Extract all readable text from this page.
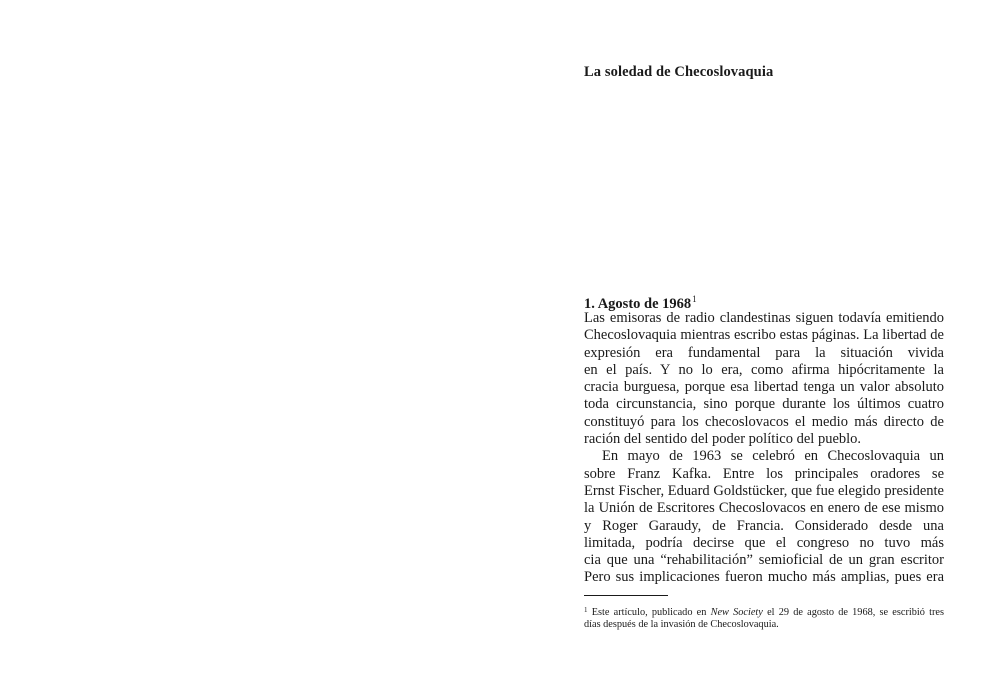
La soledad de Checoslovaquia
1. Agosto de 1968$^1$
Las emisoras de radio clandestinas siguen todavía emitiendo
Checoslovaquia mientras escribo estas páginas. La libertad de
expresión era fundamental para la situación vivida
en el país. Y no lo era, como afirma hipócritamente la
cracia burguesa, porque esa libertad tenga un valor absoluto
toda circunstancia, sino porque durante los últimos cuatro
constituyó para los checoslovacos el medio más directo de
ración del sentido del poder político del pueblo.
En mayo de 1963 se celebró en Checoslovaquia un
sobre Franz Kafka. Entre los principales oradores se
Ernst Fischer, Eduard Goldstücker, que fue elegido presidente
la Unión de Escritores Checoslovacos en enero de ese mismo
y Roger Garaudy, de Francia. Considerado desde una
limitada, podría decirse que el congreso no tuvo más
cia que una “rehabilitación” semioficial de un gran escritor
Pero sus implicaciones fueron mucho más amplias, pues era
$^1$ Este artículo, publicado en New Society el 29 de agosto de 1968, se escribió tres
días después de la invasión de Checoslovaquia.
